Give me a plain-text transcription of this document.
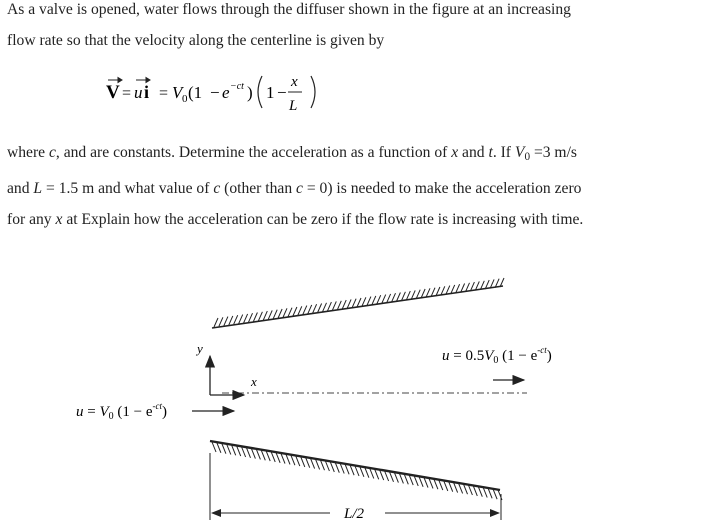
As a valve is opened, water flows through the diffuser shown in the figure at an increasing
flow rate so that the velocity along the centerline is given by

V = u i = V 0 (1 − e −ct ) 1 −
x
L

where c, and are constants. Determine the acceleration as a function of x and t. If $V_0 =3$ m/s
and L = 1.5 m and what value of c (other than c = 0) is needed to make the acceleration zero
for any x at Explain how the acceleration can be zero if the flow rate is increasing with time.

y
x
$u = V_0$ $(1 - e^{-ct})$
$u = 0.5V_0$ $(1 - e^{-ct})$
L/2
